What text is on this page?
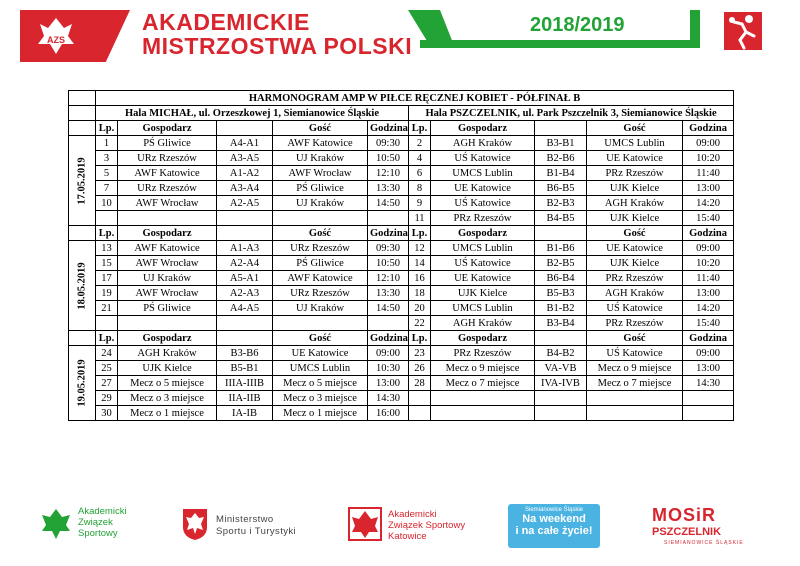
AZS
AKADEMICKIE
MISTRZOSTWA POLSKI
2018/2019
	HARMONOGRAM AMP W PIŁCE RĘCZNEJ KOBIET - PÓŁFINAŁ B									
	Hala MICHAŁ, ul. Orzeszkowej 1, Siemianowice Śląskie					Hala PSZCZELNIK, ul. Park Pszczelnik 3, Siemianowice Śląskie				
	Lp.	Gospodarz		Gość	Godzina	Lp.	Gospodarz		Gość	Godzina

17.05.2019	1	PŚ Gliwice	A4-A1	AWF Katowice	09:30	2	AGH Kraków	B3-B1	UMCS Lublin	09:00
	3	URz Rzeszów	A3-A5	UJ Kraków	10:50	4	UŚ Katowice	B2-B6	UE Katowice	10:20
	5	AWF Katowice	A1-A2	AWF Wrocław	12:10	6	UMCS Lublin	B1-B4	PRz Rzeszów	11:40
	7	URz Rzeszów	A3-A4	PŚ Gliwice	13:30	8	UE Katowice	B6-B5	UJK Kielce	13:00
	10	AWF Wrocław	A2-A5	UJ Kraków	14:50	9	UŚ Katowice	B2-B3	AGH Kraków	14:20
						11	PRz Rzeszów	B4-B5	UJK Kielce	15:40
	Lp.	Gospodarz		Gość	Godzina	Lp.	Gospodarz		Gość	Godzina

18.05.2019	13	AWF Katowice	A1-A3	URz Rzeszów	09:30	12	UMCS Lublin	B1-B6	UE Katowice	09:00
	15	AWF Wrocław	A2-A4	PŚ Gliwice	10:50	14	UŚ Katowice	B2-B5	UJK Kielce	10:20
	17	UJ Kraków	A5-A1	AWF Katowice	12:10	16	UE Katowice	B6-B4	PRz Rzeszów	11:40
	19	AWF Wrocław	A2-A3	URz Rzeszów	13:30	18	UJK Kielce	B5-B3	AGH Kraków	13:00
	21	PŚ Gliwice	A4-A5	UJ Kraków	14:50	20	UMCS Lublin	B1-B2	UŚ Katowice	14:20
						22	AGH Kraków	B3-B4	PRz Rzeszów	15:40
	Lp.	Gospodarz		Gość	Godzina	Lp.	Gospodarz		Gość	Godzina

19.05.2019	24	AGH Kraków	B3-B6	UE Katowice	09:00	23	PRz Rzeszów	B4-B2	UŚ Katowice	09:00
	25	UJK Kielce	B5-B1	UMCS Lublin	10:30	26	Mecz o 9 miejsce	VA-VB	Mecz o 9 miejsce	13:00
	27	Mecz o 5 miejsce	IIIA-IIIB	Mecz o 5 miejsce	13:00	28	Mecz o 7 miejsce	IVA-IVB	Mecz o 7 miejsce	14:30
	29	Mecz o 3 miejsce	IIA-IIB	Mecz o 3 miejsce	14:30					
	30	Mecz o 1 miejsce	IA-IB	Mecz o 1 miejsce	16:00					
Akademicki
Związek
Sportowy
Ministerstwo
Sportu i Turystyki
Akademicki
Związek Sportowy
Katowice
Siemianowice Śląskie
Na weekend
i na całe życie!
MOSiR
PSZCZELNIK
SIEMIANOWICE ŚLĄSKIE
